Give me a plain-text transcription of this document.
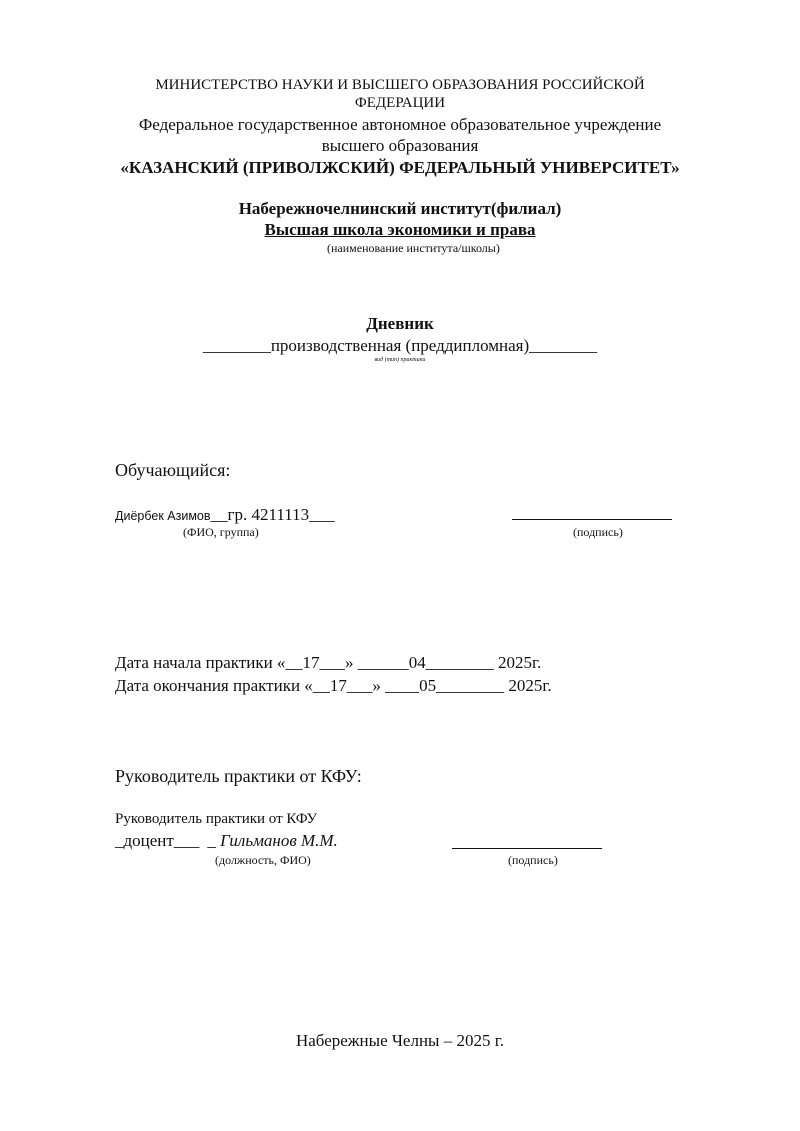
МИНИСТЕРСТВО НАУКИ И ВЫСШЕГО ОБРАЗОВАНИЯ РОССИЙСКОЙ
ФЕДЕРАЦИИ
Федеральное государственное автономное образовательное учреждение
высшего образования
«КАЗАНСКИЙ (ПРИВОЛЖСКИЙ) ФЕДЕРАЛЬНЫЙ УНИВЕРСИТЕТ»
Набережночелнинский институт(филиал)
Высшая школа экономики и права
(наименование института/школы)
Дневник
________производственная (преддипломная)________
вид (тип) практики
Обучающийся:
Диёрбек Азимов__гр. 4211113___
(ФИО, группа)	(подпись)
Дата начала практики «__17___» ______04________ 2025г.
Дата окончания практики «__17___» ____05________ 2025г.
Руководитель практики от КФУ:
Руководитель практики от КФУ
_доцент___ _ Гильманов М.М.
(должность, ФИО)	(подпись)
Набережные Челны – 2025 г.
